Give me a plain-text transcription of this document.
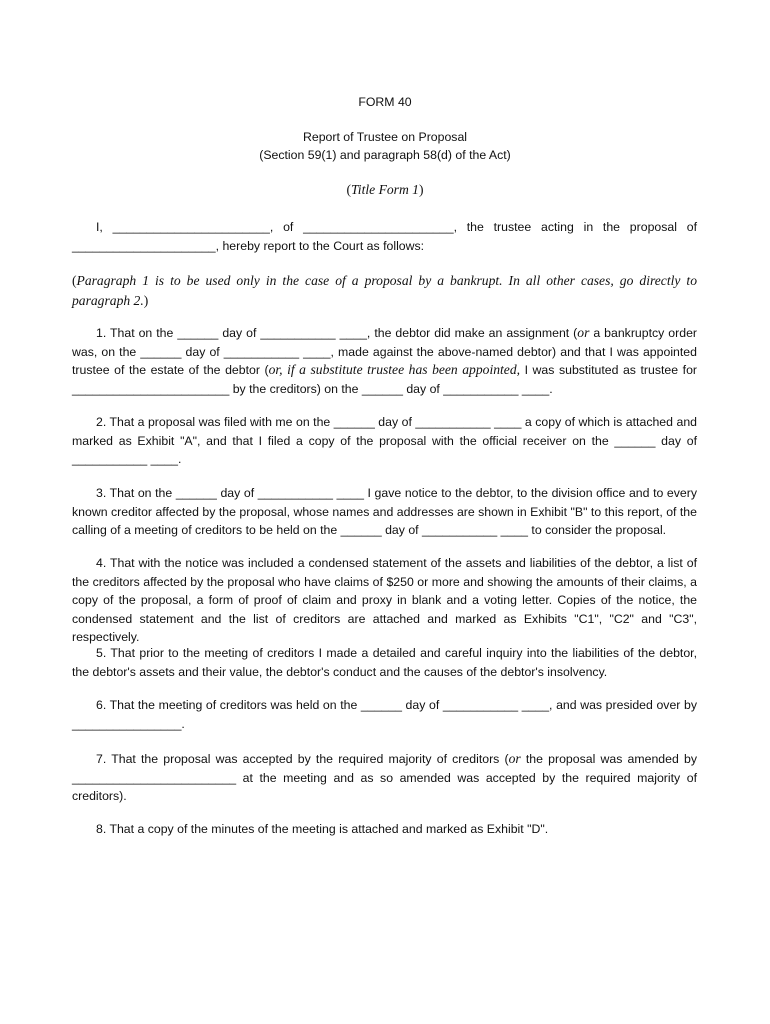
FORM 40
Report of Trustee on Proposal
(Section 59(1) and paragraph 58(d) of the Act)
(Title Form 1)
I, _______________________, of ______________________, the trustee acting in the proposal of _____________________, hereby report to the Court as follows:
(Paragraph 1 is to be used only in the case of a proposal by a bankrupt. In all other cases, go directly to paragraph 2.)
1. That on the ______ day of ___________ ____, the debtor did make an assignment (or a bankruptcy order was, on the ______ day of ___________ ____, made against the above-named debtor) and that I was appointed trustee of the estate of the debtor (or, if a substitute trustee has been appointed, I was substituted as trustee for _______________________ by the creditors) on the ______ day of ___________ ____.
2. That a proposal was filed with me on the ______ day of ___________ ____ a copy of which is attached and marked as Exhibit "A", and that I filed a copy of the proposal with the official receiver on the ______ day of ___________ ____.
3. That on the ______ day of ___________ ____ I gave notice to the debtor, to the division office and to every known creditor affected by the proposal, whose names and addresses are shown in Exhibit "B" to this report, of the calling of a meeting of creditors to be held on the ______ day of ___________ ____ to consider the proposal.
4. That with the notice was included a condensed statement of the assets and liabilities of the debtor, a list of the creditors affected by the proposal who have claims of $250 or more and showing the amounts of their claims, a copy of the proposal, a form of proof of claim and proxy in blank and a voting letter. Copies of the notice, the condensed statement and the list of creditors are attached and marked as Exhibits "C1", "C2" and "C3", respectively.
5. That prior to the meeting of creditors I made a detailed and careful inquiry into the liabilities of the debtor, the debtor's assets and their value, the debtor's conduct and the causes of the debtor's insolvency.
6. That the meeting of creditors was held on the ______ day of ___________ ____, and was presided over by ________________.
7. That the proposal was accepted by the required majority of creditors (or the proposal was amended by ________________________ at the meeting and as so amended was accepted by the required majority of creditors).
8. That a copy of the minutes of the meeting is attached and marked as Exhibit "D".
